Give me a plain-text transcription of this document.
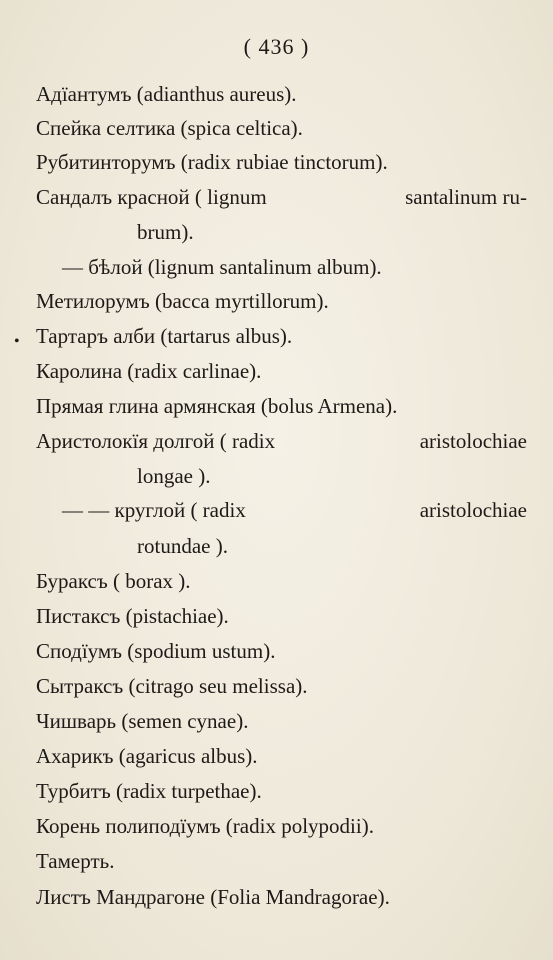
( 436 )
•
Адїантумъ (adianthus aureus).
Спейка селтика (spica celtica).
Рубитинторумъ (radix rubiae tinctorum).
Сандалъ красной ( lignum	santalinum ru-
brum).
— бѣлой (lignum santalinum album).
Метилорумъ (bacca myrtillorum).
Тартаръ алби (tartarus albus).
Каролина (radix carlinae).
Прямая глина армянская (bolus Armena).
Аристолокїя долгой ( radix	aristolochiae
longae ).
— — круглой ( radix	aristolochiae
rotundae ).
Бураксъ ( borax ).
Пистаксъ (pistachiae).
Сподїумъ (spodium ustum).
Сытраксъ (citrago seu melissa).
Чишварь (semen cynae).
Ахарикъ (agaricus albus).
Турбитъ (radix turpethae).
Корень полиподїумъ (radix polypodii).
Тамерть.
Листъ Мандрагоне (Folia Mandragorae).
